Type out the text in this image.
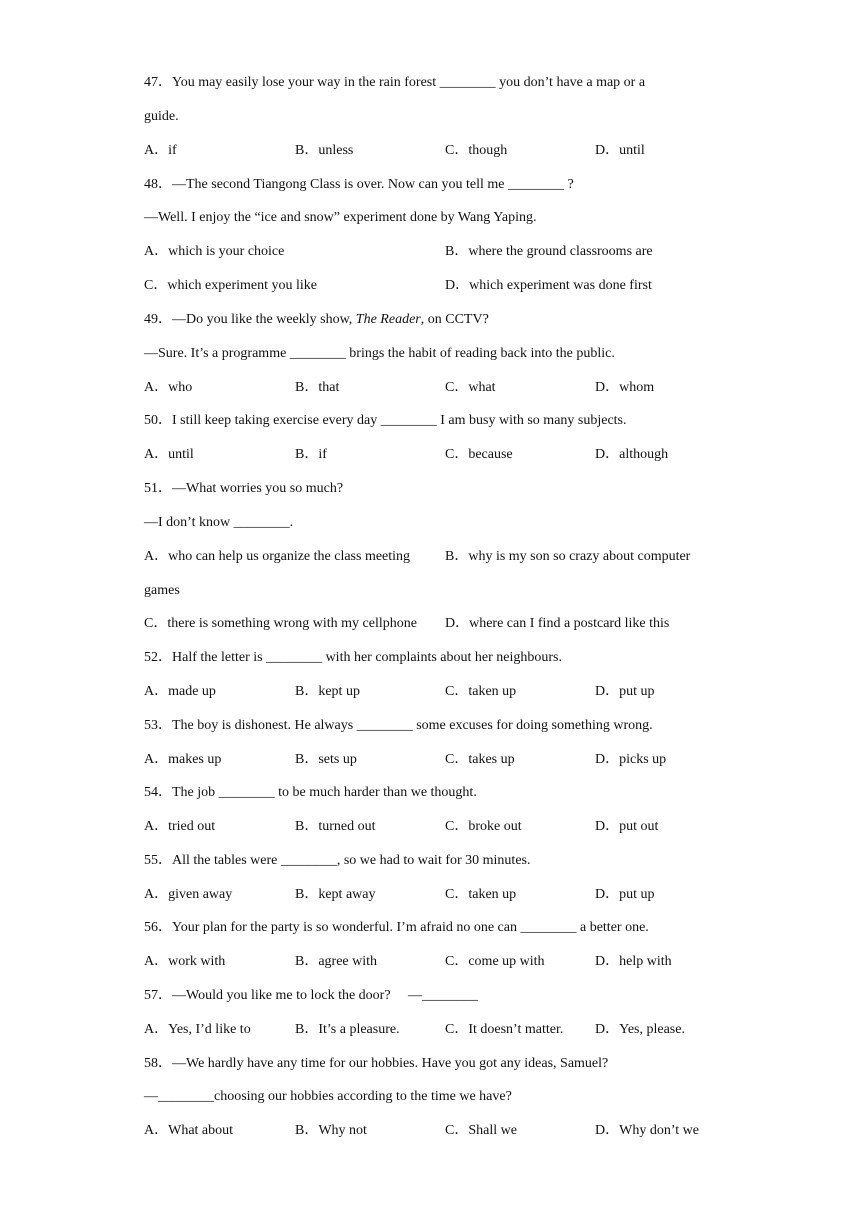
47．You may easily lose your way in the rain forest ________ you don’t have a map or a
guide.
A．if	B．unless	C．though	D．until
48．—The second Tiangong Class is over. Now can you tell me ________ ?
—Well. I enjoy the “ice and snow” experiment done by Wang Yaping.
A．which is your choice	B．where the ground classrooms are
C．which experiment you like	D．which experiment was done first
49．—Do you like the weekly show, The Reader, on CCTV?
—Sure. It’s a programme ________ brings the habit of reading back into the public.
A．who	B．that	C．what	D．whom
50．I still keep taking exercise every day ________ I am busy with so many subjects.
A．until	B．if	C．because	D．although
51．—What worries you so much?
—I don’t know ________.
A．who can help us organize the class meeting B．why is my son so crazy about computer
games
C．there is something wrong with my cellphone D．where can I find a postcard like this
52．Half the letter is ________ with her complaints about her neighbours.
A．made up	B．kept up	C．taken up	D．put up
53．The boy is dishonest. He always ________ some excuses for doing something wrong.
A．makes up	B．sets up	C．takes up	D．picks up
54．The job ________ to be much harder than we thought.
A．tried out	B．turned out	C．broke out	D．put out
55．All the tables were ________, so we had to wait for 30 minutes.
A．given away	B．kept away	C．taken up	D．put up
56．Your plan for the party is so wonderful. I’m afraid no one can ________ a better one.
A．work with	B．agree with	C．come up with	D．help with
57．—Would you like me to lock the door?　 —________
A．Yes, I’d like to	B．It’s a pleasure.	C．It doesn’t matter. D．Yes, please.
58．—We hardly have any time for our hobbies. Have you got any ideas, Samuel?
—________choosing our hobbies according to the time we have?
A．What about	B．Why not	C．Shall we	D．Why don’t we
